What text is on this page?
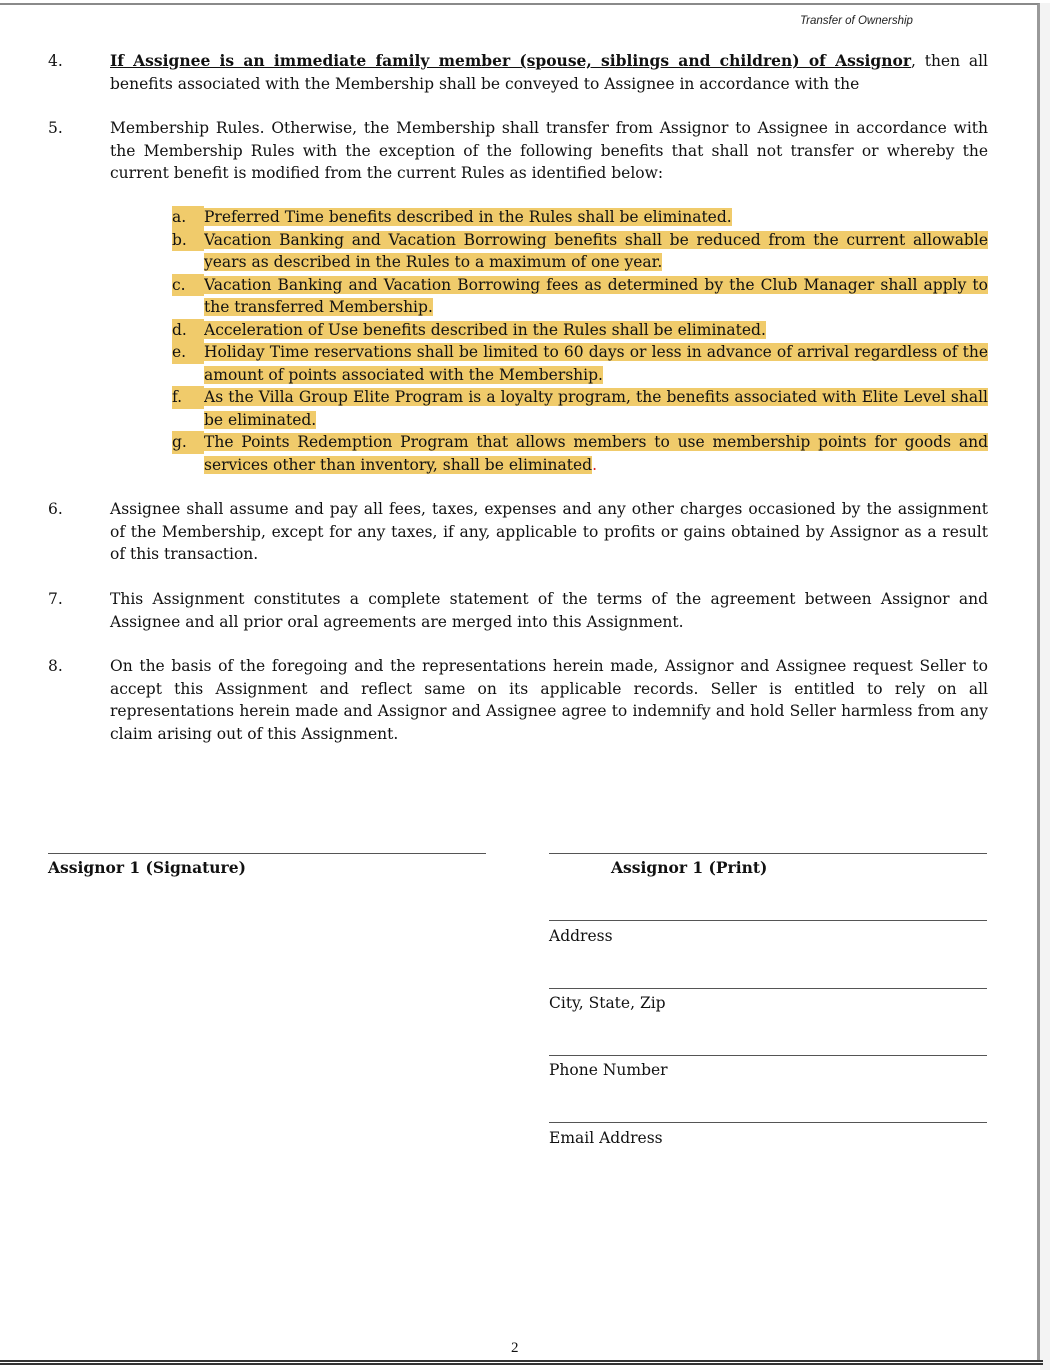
Transfer of Ownership
4.	If Assignee is an immediate family member (spouse, siblings and children) of Assignor, then all benefits associated with the Membership shall be conveyed to Assignee in accordance with the
5.	Membership Rules. Otherwise, the Membership shall transfer from Assignor to Assignee in accordance with the Membership Rules with the exception of the following benefits that shall not transfer or whereby the current benefit is modified from the current Rules as identified below:
a.	Preferred Time benefits described in the Rules shall be eliminated.
b.	Vacation Banking and Vacation Borrowing benefits shall be reduced from the current allowable years as described in the Rules to a maximum of one year.
c.	Vacation Banking and Vacation Borrowing fees as determined by the Club Manager shall apply to the transferred Membership.
d.	Acceleration of Use benefits described in the Rules shall be eliminated.
e.	Holiday Time reservations shall be limited to 60 days or less in advance of arrival regardless of the amount of points associated with the Membership.
f.	As the Villa Group Elite Program is a loyalty program, the benefits associated with Elite Level shall be eliminated.
g.	The Points Redemption Program that allows members to use membership points for goods and services other than inventory, shall be eliminated.
6.	Assignee shall assume and pay all fees, taxes, expenses and any other charges occasioned by the assignment of the Membership, except for any taxes, if any, applicable to profits or gains obtained by Assignor as a result of this transaction.
7.	This Assignment constitutes a complete statement of the terms of the agreement between Assignor and Assignee and all prior oral agreements are merged into this Assignment.
8.	On the basis of the foregoing and the representations herein made, Assignor and Assignee request Seller to accept this Assignment and reflect same on its applicable records. Seller is entitled to rely on all representations herein made and Assignor and Assignee agree to indemnify and hold Seller harmless from any claim arising out of this Assignment.
Assignor 1 (Signature)	Assignor 1 (Print)
Address
City, State, Zip
Phone Number
Email Address
2
